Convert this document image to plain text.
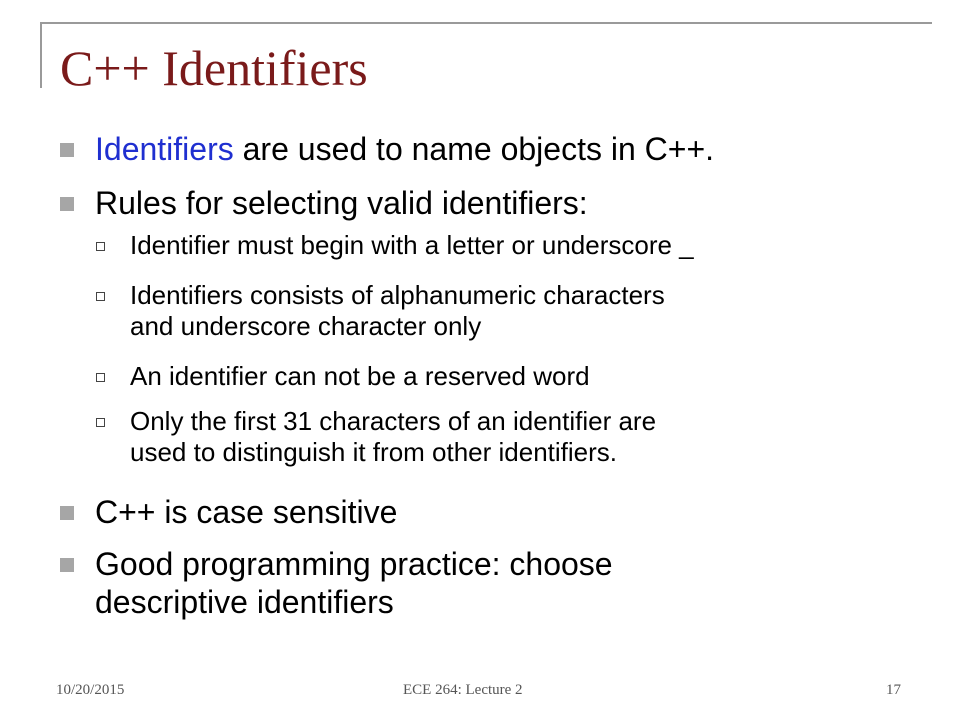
C++ Identifiers
Identifiers are used to name objects in C++.
Rules for selecting valid identifiers:
Identifier must begin with a letter or underscore _
Identifiers consists of alphanumeric characters
and underscore character only
An identifier can not be a reserved word
Only the first 31 characters of an identifier are
used to distinguish it from other identifiers.
C++ is case sensitive
Good programming practice: choose
descriptive identifiers
10/20/2015	ECE 264: Lecture 2	17
